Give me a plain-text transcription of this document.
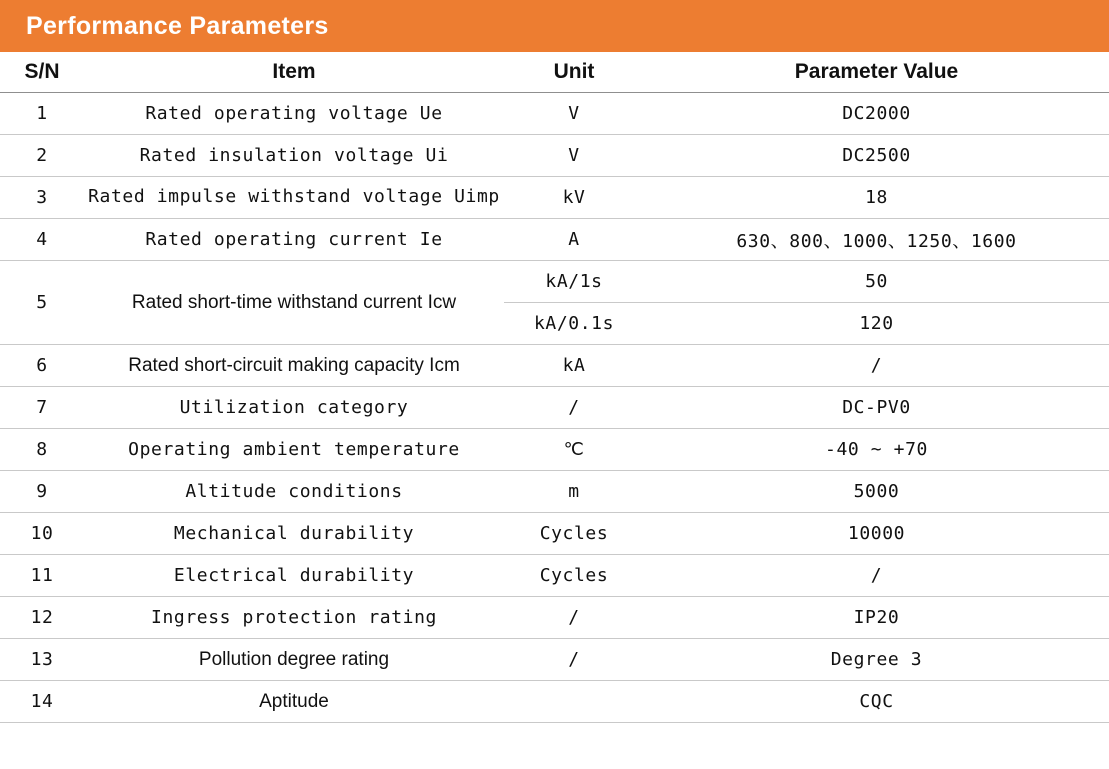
Performance Parameters
S/N	Item	Unit	Parameter Value
1	Rated operating voltage Ue	V	DC2000
2	Rated insulation voltage Ui	V	DC2500
3	Rated impulse withstand voltage Uimp	kV	18
4	Rated operating current Ie	A	630、800、1000、1250、1600
5	Rated short-time withstand current Icw	kA/1s	50
		kA/0.1s	120
6	Rated short-circuit making capacity Icm	kA	/
7	Utilization category	/	DC-PV0
8	Operating ambient temperature	℃	-40 ~ +70
9	Altitude conditions	m	5000
10	Mechanical durability	Cycles	10000
11	Electrical durability	Cycles	/
12	Ingress protection rating	/	IP20
13	Pollution degree rating	/	Degree 3
14	Aptitude		CQC
